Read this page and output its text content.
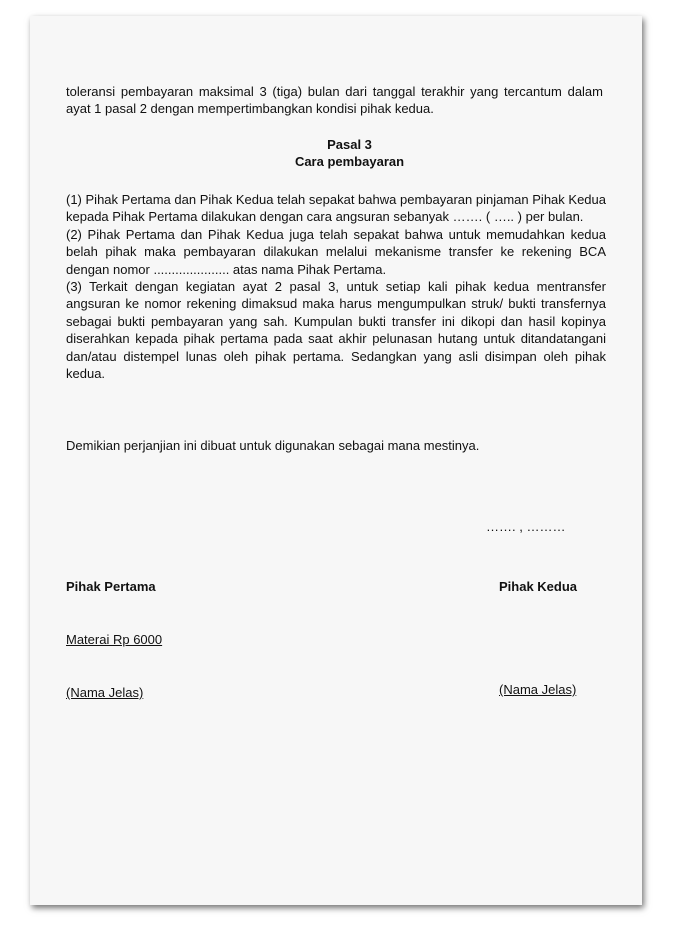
toleransi pembayaran maksimal 3 (tiga) bulan dari tanggal terakhir yang tercantum dalam ayat 1 pasal 2 dengan mempertimbangkan kondisi pihak kedua.
Pasal 3
Cara pembayaran

(1) Pihak Pertama dan Pihak Kedua telah sepakat bahwa pembayaran pinjaman Pihak Kedua kepada Pihak Pertama dilakukan dengan cara angsuran sebanyak ……. ( ….. ) per bulan.

(2) Pihak Pertama dan Pihak Kedua juga telah sepakat bahwa untuk memudahkan kedua belah pihak maka pembayaran dilakukan melalui mekanisme transfer ke rekening BCA dengan nomor ..................... atas nama Pihak Pertama.

(3) Terkait dengan kegiatan ayat 2 pasal 3, untuk setiap kali pihak kedua mentransfer angsuran ke nomor rekening dimaksud maka harus mengumpulkan struk/ bukti transfernya sebagai bukti pembayaran yang sah. Kumpulan bukti transfer ini dikopi dan hasil kopinya diserahkan kepada pihak pertama pada saat akhir pelunasan hutang untuk ditandatangani dan/atau distempel lunas oleh pihak pertama. Sedangkan yang asli disimpan oleh pihak kedua.

Demikian perjanjian ini dibuat untuk digunakan sebagai mana mestinya.
……. , ………
Pihak Pertama	Pihak Kedua
Materai Rp 6000
(Nama Jelas)	(Nama Jelas)
